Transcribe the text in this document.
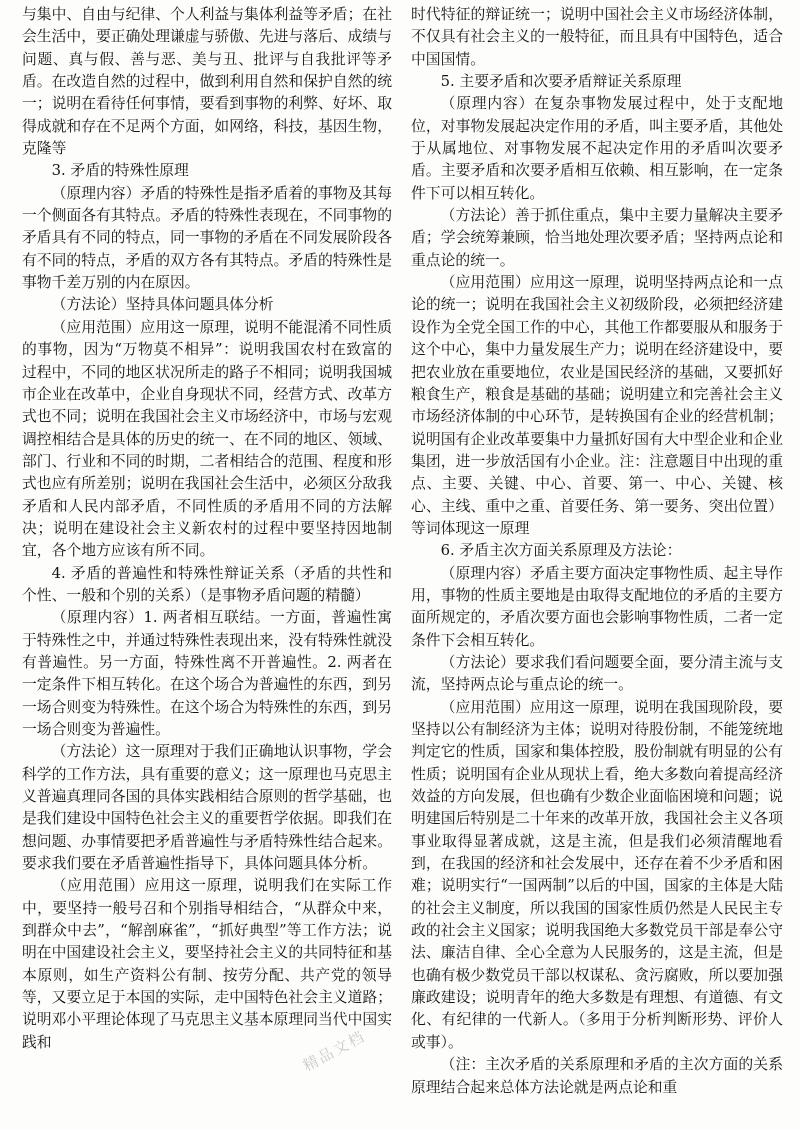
与集中、自由与纪律、个人利益与集体利益等矛盾；在社会生活中，要正确处理谦虚与骄傲、先进与落后、成绩与问题、真与假、善与恶、美与丑、批评与自我批评等矛盾。在改造自然的过程中，做到利用自然和保护自然的统一；说明在看待任何事情，要看到事物的利弊、好坏、取得成就和存在不足两个方面，如网络，科技，基因生物，克隆等

3. 矛盾的特殊性原理

（原理内容）矛盾的特殊性是指矛盾着的事物及其每一个侧面各有其特点。矛盾的特殊性表现在，不同事物的矛盾具有不同的特点，同一事物的矛盾在不同发展阶段各有不同的特点，矛盾的双方各有其特点。矛盾的特殊性是事物千差万别的内在原因。

（方法论）坚持具体问题具体分析

（应用范围）应用这一原理，说明不能混淆不同性质的事物，因为“万物莫不相异”：说明我国农村在致富的过程中，不同的地区状况所走的路子不相同；说明我国城市企业在改革中，企业自身现状不同，经营方式、改革方式也不同；说明在我国社会主义市场经济中，市场与宏观调控相结合是具体的历史的统一、在不同的地区、领域、部门、行业和不同的时期，二者相结合的范围、程度和形式也应有所差别；说明在我国社会生活中，必须区分敌我矛盾和人民内部矛盾，不同性质的矛盾用不同的方法解决；说明在建设社会主义新农村的过程中要坚持因地制宜，各个地方应该有所不同。

4. 矛盾的普遍性和特殊性辩证关系（矛盾的共性和个性、一般和个别的关系）（是事物矛盾问题的精髓）

（原理内容）1. 两者相互联结。一方面，普遍性寓于特殊性之中，并通过特殊性表现出来，没有特殊性就没有普遍性。另一方面，特殊性离不开普遍性。2. 两者在一定条件下相互转化。在这个场合为普遍性的东西，到另一场合则变为特殊性。在这个场合为特殊性的东西，到另一场合则变为普遍性。

（方法论）这一原理对于我们正确地认识事物，学会科学的工作方法，具有重要的意义；这一原理也马克思主义普遍真理同各国的具体实践相结合原则的哲学基础，也是我们建设中国特色社会主义的重要哲学依据。即我们在想问题、办事情要把矛盾普遍性与矛盾特殊性结合起来。要求我们要在矛盾普遍性指导下，具体问题具体分析。

（应用范围）应用这一原理，说明我们在实际工作中，要坚持一般号召和个别指导相结合，“从群众中来，到群众中去”，“解剖麻雀”，“抓好典型”等工作方法；说明在中国建设社会主义，要坚持社会主义的共同特征和基本原则，如生产资料公有制、按劳分配、共产党的领导等，又要立足于本国的实际，走中国特色社会主义道路；说明邓小平理论体现了马克思主义基本原理同当代中国实践和

时代特征的辩证统一；说明中国社会主义市场经济体制，不仅具有社会主义的一般特征，而且具有中国特色，适合中国国情。

5. 主要矛盾和次要矛盾辩证关系原理

（原理内容）在复杂事物发展过程中，处于支配地位，对事物发展起决定作用的矛盾，叫主要矛盾，其他处于从属地位、对事物发展不起决定作用的矛盾叫次要矛盾。主要矛盾和次要矛盾相互依赖、相互影响，在一定条件下可以相互转化。

（方法论）善于抓住重点，集中主要力量解决主要矛盾；学会统筹兼顾，恰当地处理次要矛盾；坚持两点论和重点论的统一。

（应用范围）应用这一原理，说明坚持两点论和一点论的统一；说明在我国社会主义初级阶段，必须把经济建设作为全党全国工作的中心，其他工作都要服从和服务于这个中心，集中力量发展生产力；说明在经济建设中，要把农业放在重要地位，农业是国民经济的基础，又要抓好粮食生产，粮食是基础的基础；说明建立和完善社会主义市场经济体制的中心环节，是转换国有企业的经营机制；说明国有企业改革要集中力量抓好国有大中型企业和企业集团，进一步放活国有小企业。注：注意题目中出现的重点、主要、关键、中心、首要、第一、中心、关键、核心、主线、重中之重、首要任务、第一要务、突出位置）等词体现这一原理

6. 矛盾主次方面关系原理及方法论：

（原理内容）矛盾主要方面决定事物性质、起主导作用，事物的性质主要地是由取得支配地位的矛盾的主要方面所规定的，矛盾次要方面也会影响事物性质，二者一定条件下会相互转化。

（方法论）要求我们看问题要全面，要分清主流与支流，坚持两点论与重点论的统一。

（应用范围）应用这一原理，说明在我国现阶段，要坚持以公有制经济为主体；说明对待股份制，不能笼统地判定它的性质，国家和集体控股，股份制就有明显的公有性质；说明国有企业从现状上看，绝大多数向着提高经济效益的方向发展，但也确有少数企业面临困境和问题；说明建国后特别是二十年来的改革开放，我国社会主义各项事业取得显著成就，这是主流，但是我们必须清醒地看到，在我国的经济和社会发展中，还存在着不少矛盾和困难；说明实行“一国两制”以后的中国，国家的主体是大陆的社会主义制度，所以我国的国家性质仍然是人民民主专政的社会主义国家；说明我国绝大多数党员干部是奉公守法、廉洁自律、全心全意为人民服务的，这是主流，但是也确有极少数党员干部以权谋私、贪污腐败，所以要加强廉政建设；说明青年的绝大多数是有理想、有道德、有文化、有纪律的一代新人。（多用于分析判断形势、评价人或事）。

（注：主次矛盾的关系原理和矛盾的主次方面的关系原理结合起来总体方法论就是两点论和重

精品文档
